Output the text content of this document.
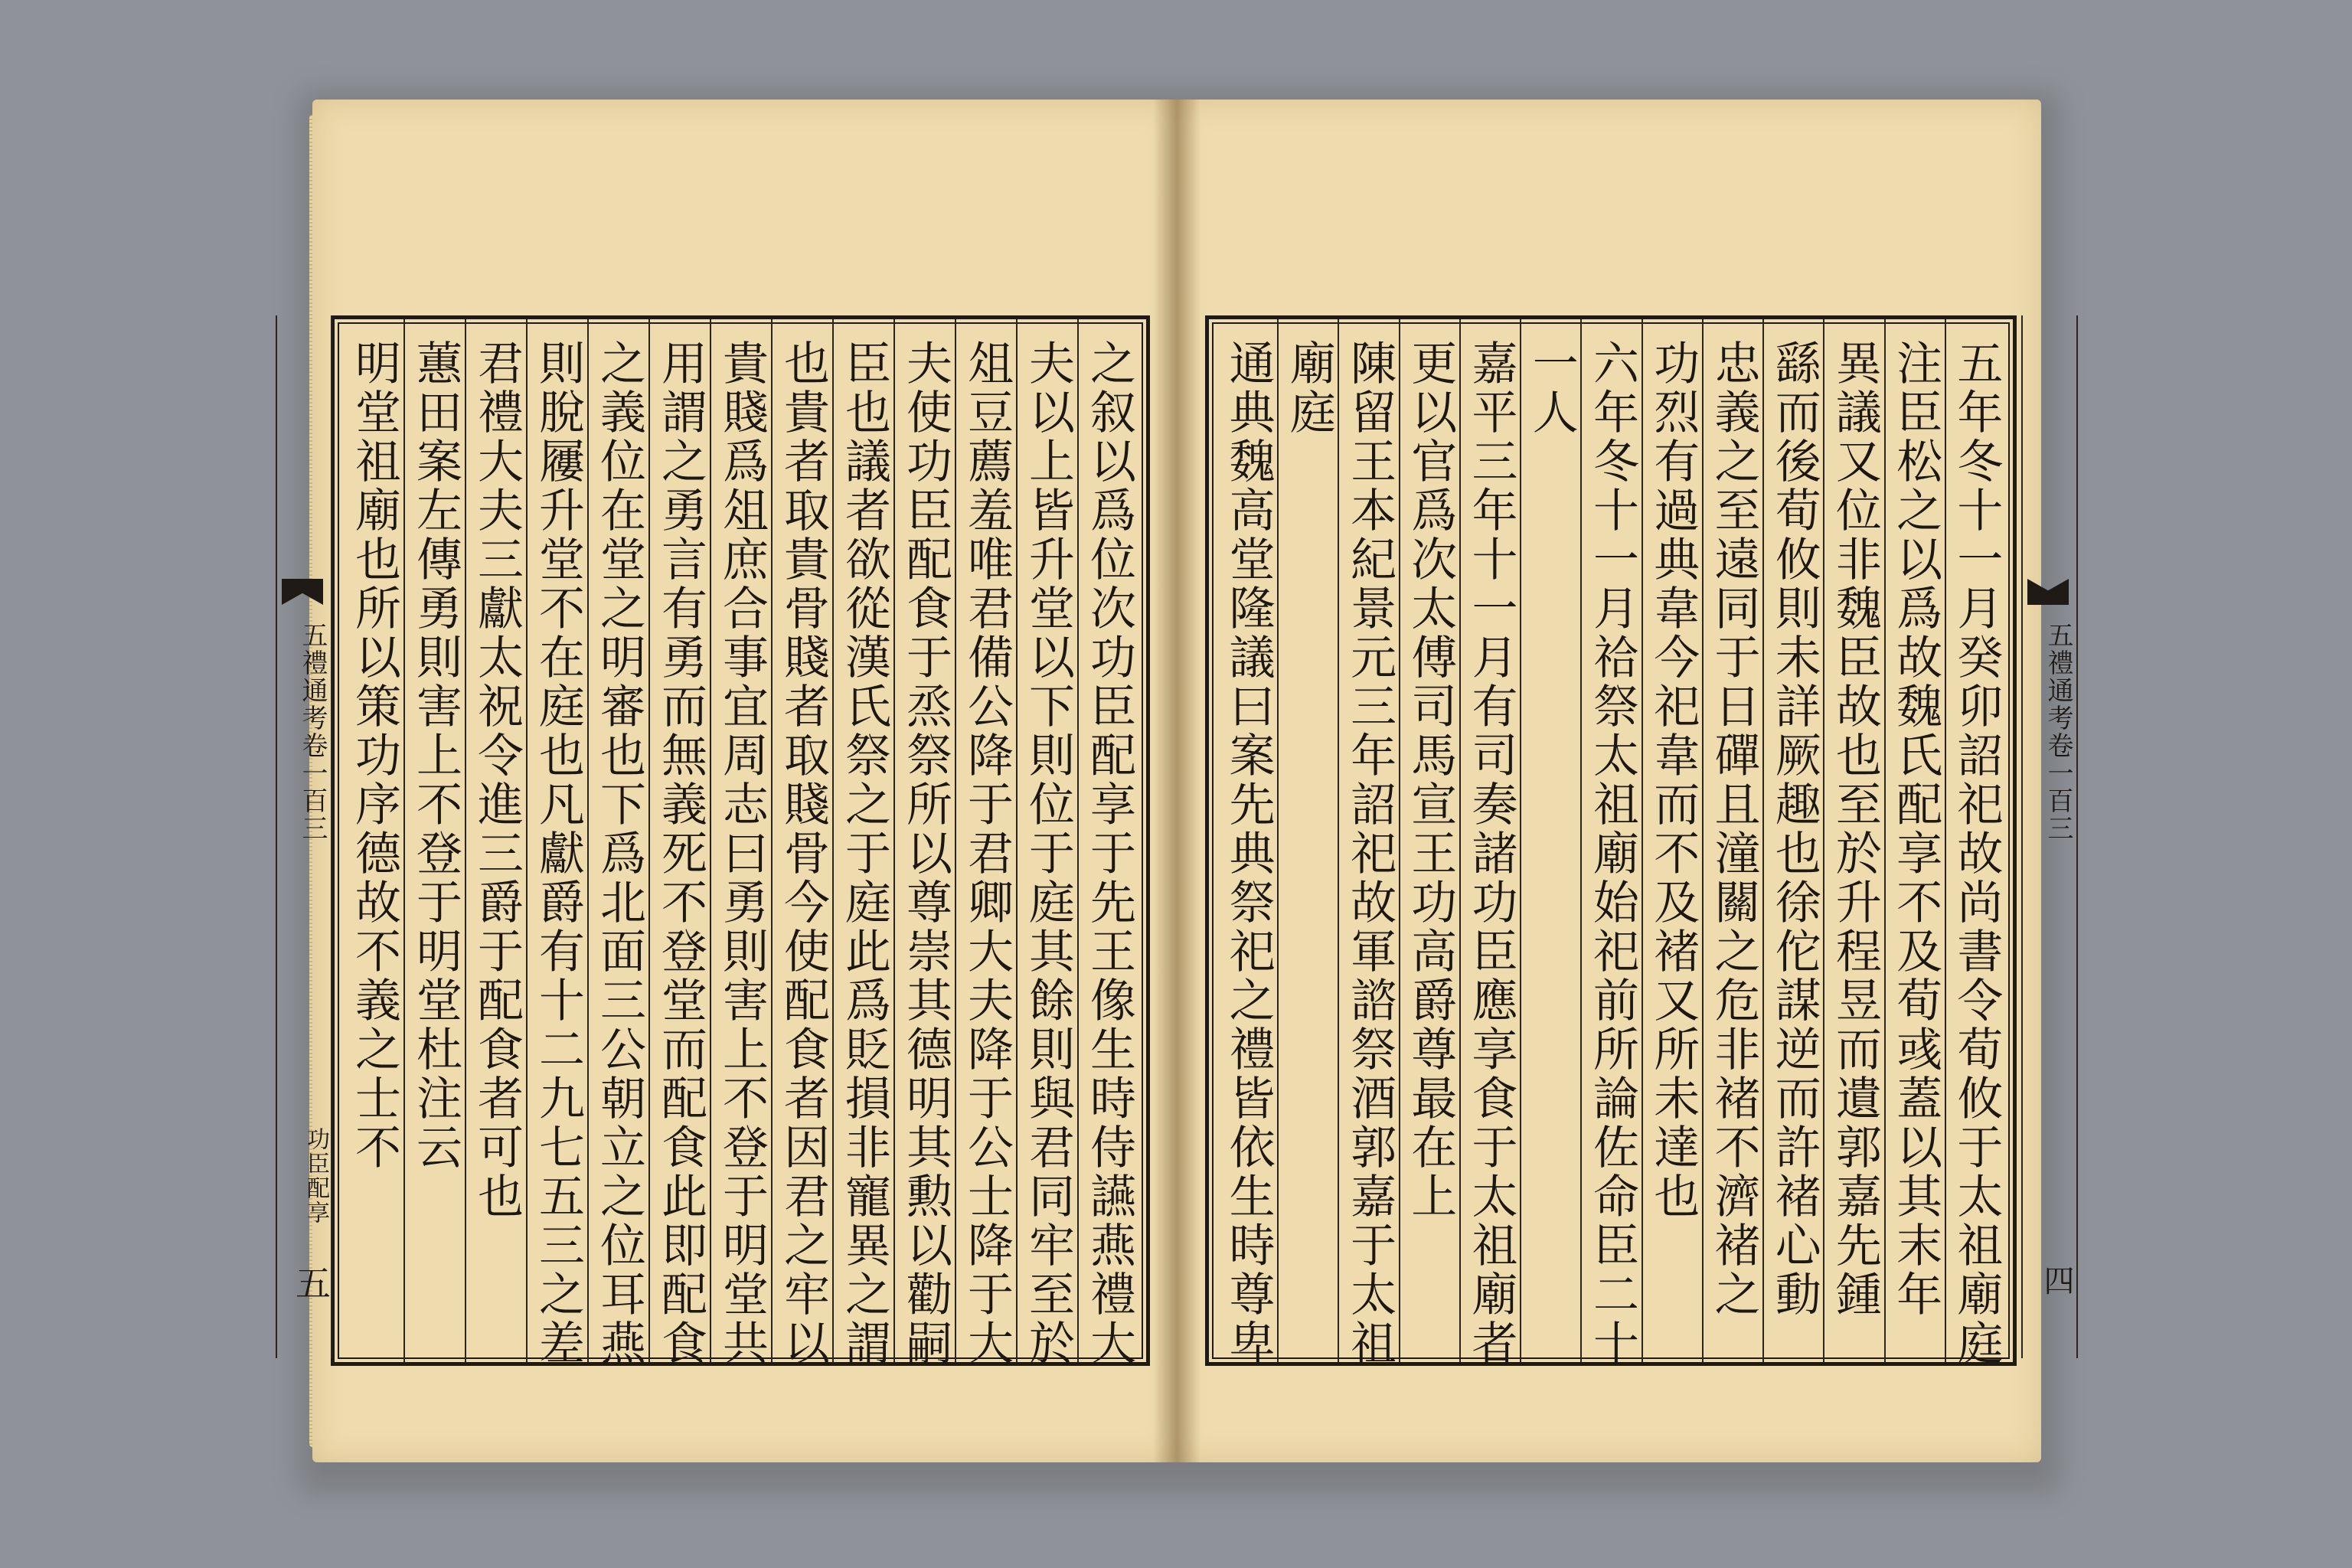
之叙以爲位次功臣配享于先王像生時侍讌燕禮大
夫以上皆升堂以下則位于庭其餘則與君同牢至於
俎豆薦羞唯君備公降于君卿大夫降于公士降于大
夫使功臣配食于烝祭所以尊崇其德明其勲以勸嗣
臣也議者欲從漢氏祭之于庭此爲貶損非寵異之謂
也貴者取貴骨賤者取賤骨今使配食者因君之牢以
貴賤爲俎庶合事宜周志曰勇則害上不登于明堂共
用謂之勇言有勇而無義死不登堂而配食此即配食
之義位在堂之明審也下爲北面三公朝立之位耳燕
則脫屨升堂不在庭也凡獻爵有十二九七五三之差
君禮大夫三獻太祝令進三爵于配食者可也
蕙田案左傳勇則害上不登于明堂杜注云
明堂祖廟也所以策功序德故不義之士不	五年冬十一月癸卯詔祀故尚書令荀攸于太祖廟庭
注臣松之以爲故魏氏配享不及荀彧蓋以其末年
異議又位非魏臣故也至於升程昱而遺郭嘉先鍾
繇而後荀攸則未詳厥趣也徐佗謀逆而許褚心動
忠義之至遠同于日磾且潼關之危非褚不濟褚之
功烈有過典韋今祀韋而不及褚又所未達也
六年冬十一月祫祭太祖廟始祀前所論佐命臣二十
一人
嘉平三年十一月有司奏諸功臣應享食于太祖廟者
更以官爲次太傅司馬宣王功高爵尊最在上
陳留王本紀景元三年詔祀故軍諮祭酒郭嘉于太祖
廟庭
通典魏高堂隆議曰案先典祭祀之禮皆依生時尊卑
五禮通考卷一百三
功臣配享
五
五禮通考卷一百三
四
